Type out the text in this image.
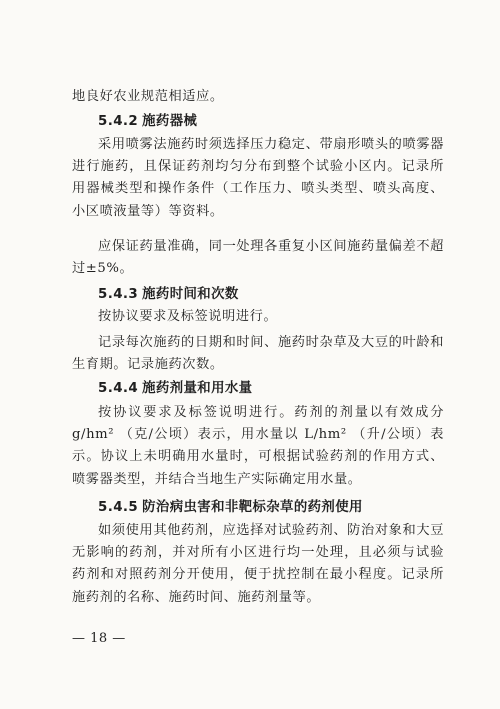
地良好农业规范相适应。

5.4.2 施药器械

采用喷雾法施药时须选择压力稳定、带扇形喷头的喷雾器进行施药，且保证药剂均匀分布到整个试验小区内。记录所用器械类型和操作条件（工作压力、喷头类型、喷头高度、小区喷液量等）等资料。

应保证药量准确，同一处理各重复小区间施药量偏差不超过±5%。

5.4.3 施药时间和次数

按协议要求及标签说明进行。

记录每次施药的日期和时间、施药时杂草及大豆的叶龄和生育期。记录施药次数。

5.4.4 施药剂量和用水量

按协议要求及标签说明进行。药剂的剂量以有效成分 g/hm² （克/公顷）表示，用水量以 L/hm² （升/公顷）表示。协议上未明确用水量时，可根据试验药剂的作用方式、喷雾器类型，并结合当地生产实际确定用水量。

5.4.5 防治病虫害和非靶标杂草的药剂使用

如须使用其他药剂，应选择对试验药剂、防治对象和大豆无影响的药剂，并对所有小区进行均一处理，且必须与试验药剂和对照药剂分开使用，便于扰控制在最小程度。记录所施药剂的名称、施药时间、施药剂量等。

— 18 —
